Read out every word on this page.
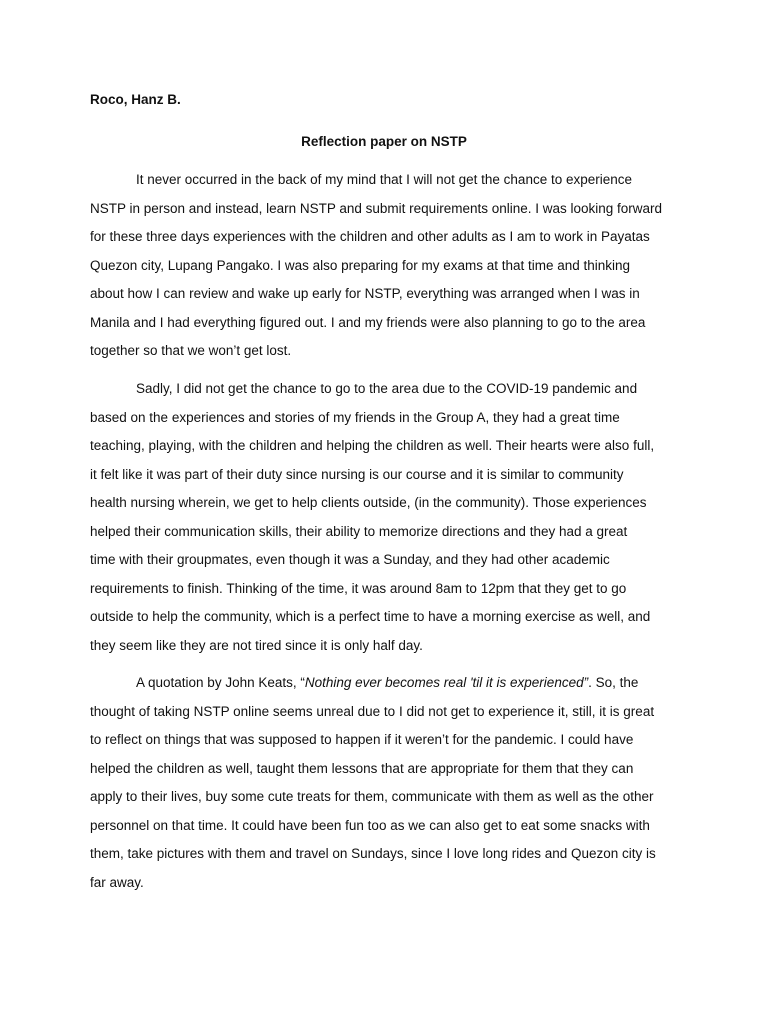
Roco, Hanz B.
Reflection paper on NSTP
It never occurred in the back of my mind that I will not get the chance to experience
NSTP in person and instead, learn NSTP and submit requirements online. I was looking forward
for these three days experiences with the children and other adults as I am to work in Payatas
Quezon city, Lupang Pangako. I was also preparing for my exams at that time and thinking
about how I can review and wake up early for NSTP, everything was arranged when I was in
Manila and I had everything figured out. I and my friends were also planning to go to the area
together so that we won’t get lost.
Sadly, I did not get the chance to go to the area due to the COVID-19 pandemic and
based on the experiences and stories of my friends in the Group A, they had a great time
teaching, playing, with the children and helping the children as well. Their hearts were also full,
it felt like it was part of their duty since nursing is our course and it is similar to community
health nursing wherein, we get to help clients outside, (in the community). Those experiences
helped their communication skills, their ability to memorize directions and they had a great
time with their groupmates, even though it was a Sunday, and they had other academic
requirements to finish. Thinking of the time, it was around 8am to 12pm that they get to go
outside to help the community, which is a perfect time to have a morning exercise as well, and
they seem like they are not tired since it is only half day.
A quotation by John Keats, “Nothing ever becomes real 'til it is experienced”. So, the
thought of taking NSTP online seems unreal due to I did not get to experience it, still, it is great
to reflect on things that was supposed to happen if it weren’t for the pandemic. I could have
helped the children as well, taught them lessons that are appropriate for them that they can
apply to their lives, buy some cute treats for them, communicate with them as well as the other
personnel on that time. It could have been fun too as we can also get to eat some snacks with
them, take pictures with them and travel on Sundays, since I love long rides and Quezon city is
far away.
